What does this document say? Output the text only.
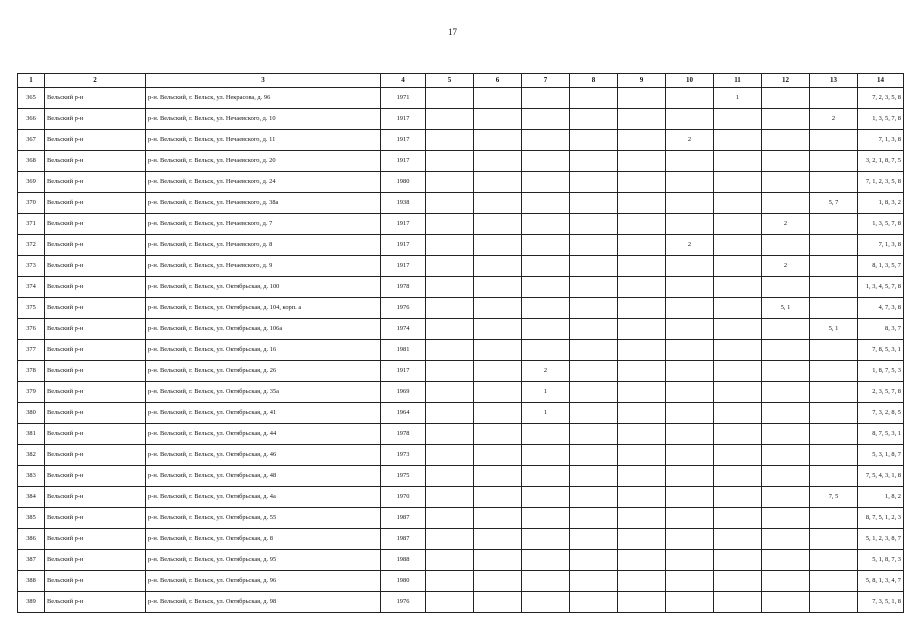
17
1	2	3	4	5	6	7	8	9	10	11	12	13	14
365	Вельский р-н	р-н. Вельский, г. Вельск, ул. Некрасова, д. 96	1971							1			7, 2, 3, 5, 8
366	Вельский р-н	р-н. Вельский, г. Вельск, ул. Нечаевского, д. 10	1917									2	1, 3, 5, 7, 8
367	Вельский р-н	р-н. Вельский, г. Вельск, ул. Нечаевского, д. 11	1917						2				7, 1, 3, 8
368	Вельский р-н	р-н. Вельский, г. Вельск, ул. Нечаевского, д. 20	1917										3, 2, 1, 8, 7, 5
369	Вельский р-н	р-н. Вельский, г. Вельск, ул. Нечаевского, д. 24	1980										7, 1, 2, 3, 5, 8
370	Вельский р-н	р-н. Вельский, г. Вельск, ул. Нечаевского, д. 38а	1938									5, 7	1, 8, 3, 2
371	Вельский р-н	р-н. Вельский, г. Вельск, ул. Нечаевского, д. 7	1917								2		1, 3, 5, 7, 8
372	Вельский р-н	р-н. Вельский, г. Вельск, ул. Нечаевского, д. 8	1917						2				7, 1, 3, 8
373	Вельский р-н	р-н. Вельский, г. Вельск, ул. Нечаевского, д. 9	1917								2		8, 1, 3, 5, 7
374	Вельский р-н	р-н. Вельский, г. Вельск, ул. Октябрьская, д. 100	1978										1, 3, 4, 5, 7, 8
375	Вельский р-н	р-н. Вельский, г. Вельск, ул. Октябрьская, д. 104, корп. а	1976								5, 1		4, 7, 3, 8
376	Вельский р-н	р-н. Вельский, г. Вельск, ул. Октябрьская, д. 106а	1974									5, 1	8, 3, 7
377	Вельский р-н	р-н. Вельский, г. Вельск, ул. Октябрьская, д. 16	1981										7, 8, 5, 3, 1
378	Вельский р-н	р-н. Вельский, г. Вельск, ул. Октябрьская, д. 26	1917			2							1, 8, 7, 5, 3
379	Вельский р-н	р-н. Вельский, г. Вельск, ул. Октябрьская, д. 35а	1969			1							2, 3, 5, 7, 8
380	Вельский р-н	р-н. Вельский, г. Вельск, ул. Октябрьская, д. 41	1964			1							7, 3, 2, 8, 5
381	Вельский р-н	р-н. Вельский, г. Вельск, ул. Октябрьская, д. 44	1978										8, 7, 5, 3, 1
382	Вельский р-н	р-н. Вельский, г. Вельск, ул. Октябрьская, д. 46	1973										5, 3, 1, 8, 7
383	Вельский р-н	р-н. Вельский, г. Вельск, ул. Октябрьская, д. 48	1975										7, 5, 4, 3, 1, 8
384	Вельский р-н	р-н. Вельский, г. Вельск, ул. Октябрьская, д. 4а	1970									7, 5	1, 8, 2
385	Вельский р-н	р-н. Вельский, г. Вельск, ул. Октябрьская, д. 55	1987										8, 7, 5, 1, 2, 3
386	Вельский р-н	р-н. Вельский, г. Вельск, ул. Октябрьская, д. 8	1987										5, 1, 2, 3, 8, 7
387	Вельский р-н	р-н. Вельский, г. Вельск, ул. Октябрьская, д. 95	1988										5, 1, 8, 7, 3
388	Вельский р-н	р-н. Вельский, г. Вельск, ул. Октябрьская, д. 96	1980										5, 8, 1, 3, 4, 7
389	Вельский р-н	р-н. Вельский, г. Вельск, ул. Октябрьская, д. 98	1976										7, 3, 5, 1, 8
